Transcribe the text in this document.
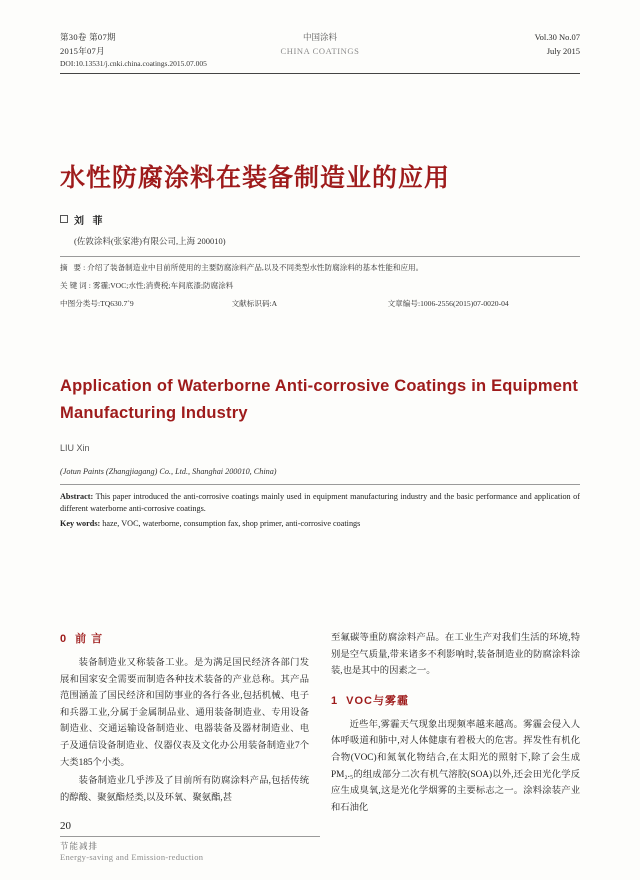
第30卷 第07期
2015年07月
中国涂料
CHINA COATINGS
Vol.30 No.07
July 2015
DOI:10.13531/j.cnki.china.coatings.2015.07.005
水性防腐涂料在装备制造业的应用
刘 菲
(佐敦涂料(张家港)有限公司,上海 200010)
摘 要:介绍了装备制造业中目前所使用的主要防腐涂料产品,以及不同类型水性防腐涂料的基本性能和应用。
关键词:雾霾;VOC;水性;消费税;车间底漆;防腐涂料
中图分类号:TQ630.7˚9	文献标识码:A	文章编号:1006-2556(2015)07-0020-04
Application of Waterborne Anti-corrosive Coatings in Equipment Manufacturing Industry
LIU Xin
(Jotun Paints (Zhangjiagang) Co., Ltd., Shanghai 200010, China)
Abstract: This paper introduced the anti-corrosive coatings mainly used in equipment manufacturing industry and the basic performance and application of different waterborne anti-corrosive coatings.
Key words: haze, VOC, waterborne, consumption fax, shop primer, anti-corrosive coatings
0 前 言

装备制造业又称装备工业。是为满足国民经济各部门发展和国家安全需要而制造各种技术装备的产业总称。其产品范围涵盖了国民经济和国防事业的各行各业,包括机械、电子和兵器工业,分属于金属制品业、通用装备制造业、专用设备制造业、交通运输设备制造业、电器装备及器材制造业、电子及通信设备制造业、仪器仪表及文化办公用装备制造业7个大类185个小类。

装备制造业几乎涉及了目前所有防腐涂料产品,包括传统的醇酸、聚氨酯烃类,以及环氧、聚氨酯,甚

至氟碳等重防腐涂料产品。在工业生产对我们生活的环境,特别是空气质量,带来诸多不利影响时,装备制造业的防腐涂料涂装,也是其中的因素之一。

1 VOC与雾霾

近些年,雾霾天气现象出现频率越来越高。雾霾会侵入人体呼吸道和肺中,对人体健康有着极大的危害。挥发性有机化合物(VOC)和氮氧化物结合,在太阳光的照射下,除了会生成PM₂.₅的组成部分二次有机气溶胶(SOA)以外,还会田光化学反应生成臭氧,这是光化学烟雾的主要标志之一。涂料涂装产业和石油化

20
节能减排
Energy-saving and Emission-reduction
